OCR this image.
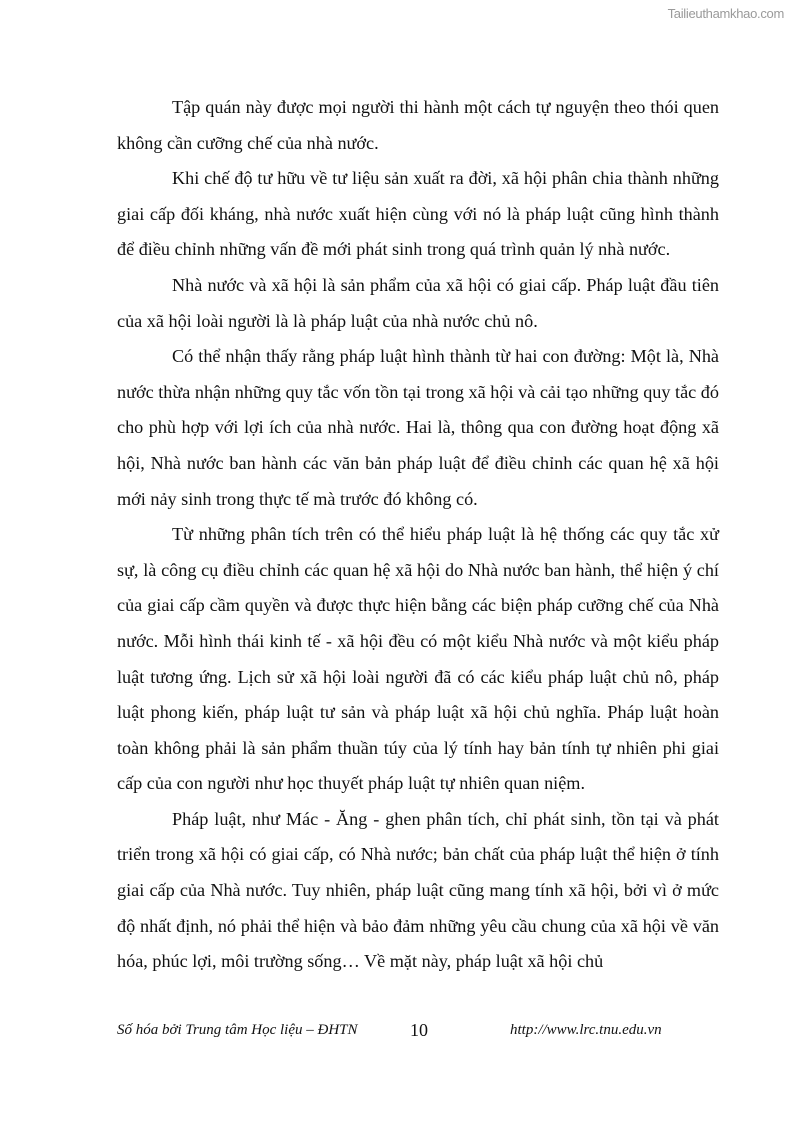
Tailieuthamkhao.com

Tập quán này được mọi người thi hành một cách tự nguyện theo thói quen không cần cưỡng chế của nhà nước.

Khi chế độ tư hữu về tư liệu sản xuất ra đời, xã hội phân chia thành những giai cấp đối kháng, nhà nước xuất hiện cùng với nó là pháp luật cũng hình thành để điều chỉnh những vấn đề mới phát sinh trong quá trình quản lý nhà nước.

Nhà nước và xã hội là sản phẩm của xã hội có giai cấp. Pháp luật đầu tiên của xã hội loài người là là pháp luật của nhà nước chủ nô.

Có thể nhận thấy rằng pháp luật hình thành từ hai con đường: Một là, Nhà nước thừa nhận những quy tắc vốn tồn tại trong xã hội và cải tạo những quy tắc đó cho phù hợp với lợi ích của nhà nước. Hai là, thông qua con đường hoạt động xã hội, Nhà nước ban hành các văn bản pháp luật để điều chỉnh các quan hệ xã hội mới nảy sinh trong thực tế mà trước đó không có.

Từ những phân tích trên có thể hiểu pháp luật là hệ thống các quy tắc xử sự, là công cụ điều chỉnh các quan hệ xã hội do Nhà nước ban hành, thể hiện ý chí của giai cấp cầm quyền và được thực hiện bằng các biện pháp cưỡng chế của Nhà nước. Mỗi hình thái kinh tế - xã hội đều có một kiểu Nhà nước và một kiểu pháp luật tương ứng. Lịch sử xã hội loài người đã có các kiểu pháp luật chủ nô, pháp luật phong kiến, pháp luật tư sản và pháp luật xã hội chủ nghĩa. Pháp luật hoàn toàn không phải là sản phẩm thuần túy của lý tính hay bản tính tự nhiên phi giai cấp của con người như học thuyết pháp luật tự nhiên quan niệm.

Pháp luật, như Mác - Ăng - ghen phân tích, chỉ phát sinh, tồn tại và phát triển trong xã hội có giai cấp, có Nhà nước; bản chất của pháp luật thể hiện ở tính giai cấp của Nhà nước. Tuy nhiên, pháp luật cũng mang tính xã hội, bởi vì ở mức độ nhất định, nó phải thể hiện và bảo đảm những yêu cầu chung của xã hội về văn hóa, phúc lợi, môi trường sống… Về mặt này, pháp luật xã hội chủ

Số hóa bởi Trung tâm Học liệu – ĐHTN	10	http://www.lrc.tnu.edu.vn
